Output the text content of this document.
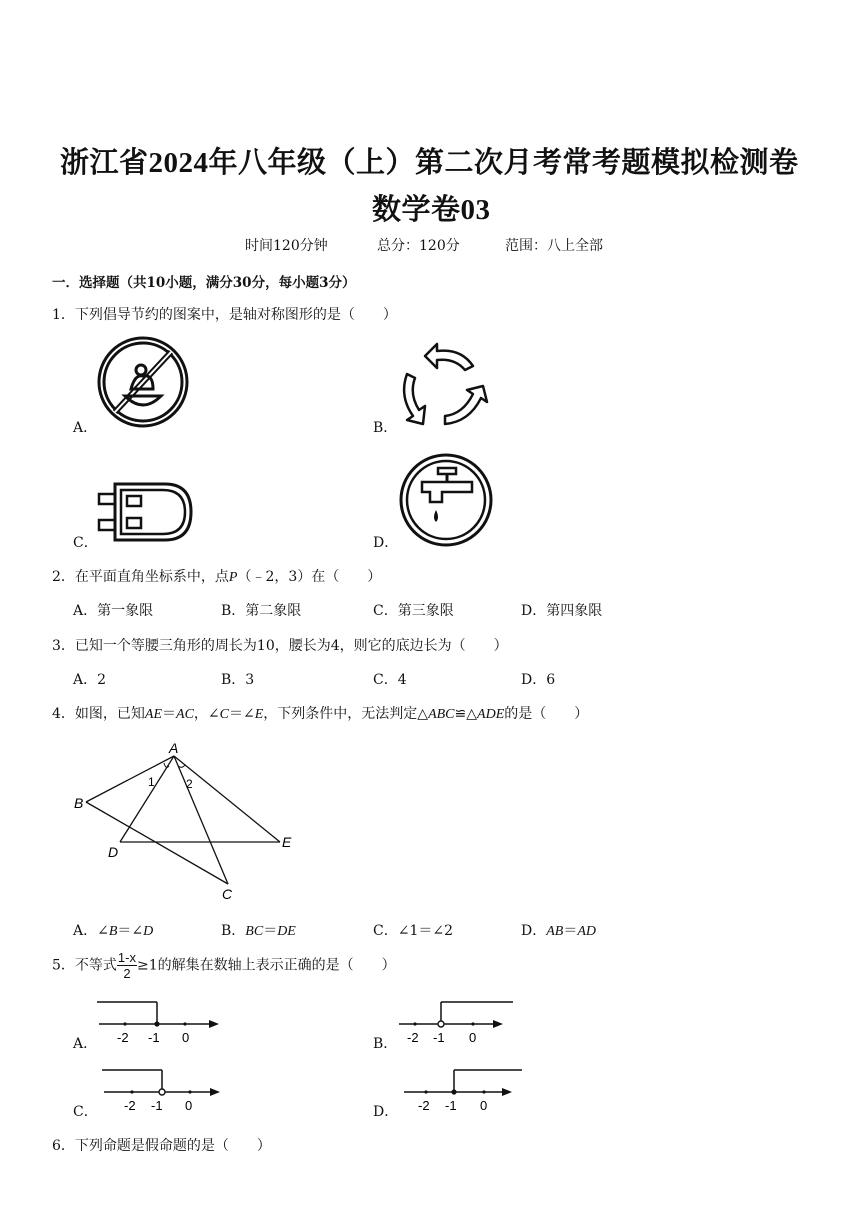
浙江省2024年八年级（上）第二次月考常考题模拟检测卷
数学卷03
时间120分钟	总分：120分	范围：八上全部
一．选择题（共10小题，满分30分，每小题3分）
1．下列倡导节约的图案中，是轴对称图形的是（　　）
A．	B．
C．	D．
2．在平面直角坐标系中，点P（﹣2，3）在（　　）
A．第一象限	B．第二象限	C．第三象限	D．第四象限
3．已知一个等腰三角形的周长为10，腰长为4，则它的底边长为（　　）
A．2	B．3	C．4	D．6
4．如图，已知AE＝AC，∠C＝∠E，下列条件中，无法判定△ABC≌△ADE的是（　　）
A
B
C
D
E
1	2
A．∠B＝∠D	B．BC＝DE	C．∠1＝∠2	D．AB＝AD
5．不等式 $\frac{1-x}{2} \ge 1$的解集在数轴上表示正确的是（　　）
A． -2 -1 0	B． -2 -1 0
C． -2 -1 0	D． -2 -1 0
6．下列命题是假命题的是（　　）
